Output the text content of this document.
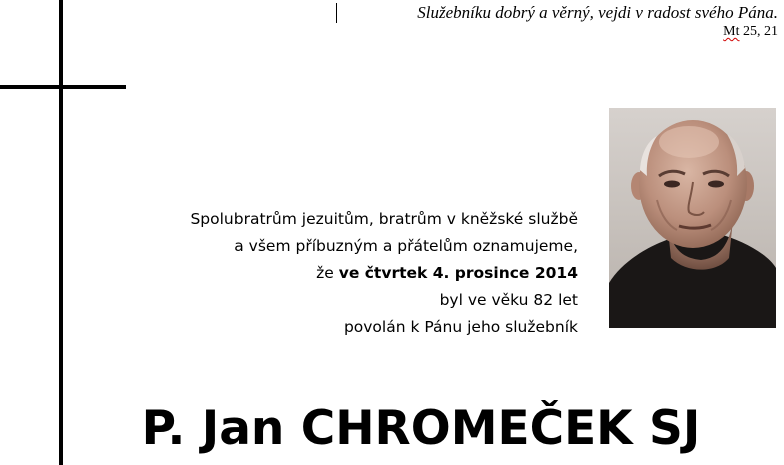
Služebníku dobrý a věrný, vejdi v radost svého Pána.
Mt 25, 21
Spolubratrům jezuitům, bratrům v kněžské službě
a všem příbuzným a přátelům oznamujeme,
že ve čtvrtek 4. prosince 2014
byl ve věku 82 let
povolán k Pánu jeho služebník
P. Jan CHROMEČEK SJ
